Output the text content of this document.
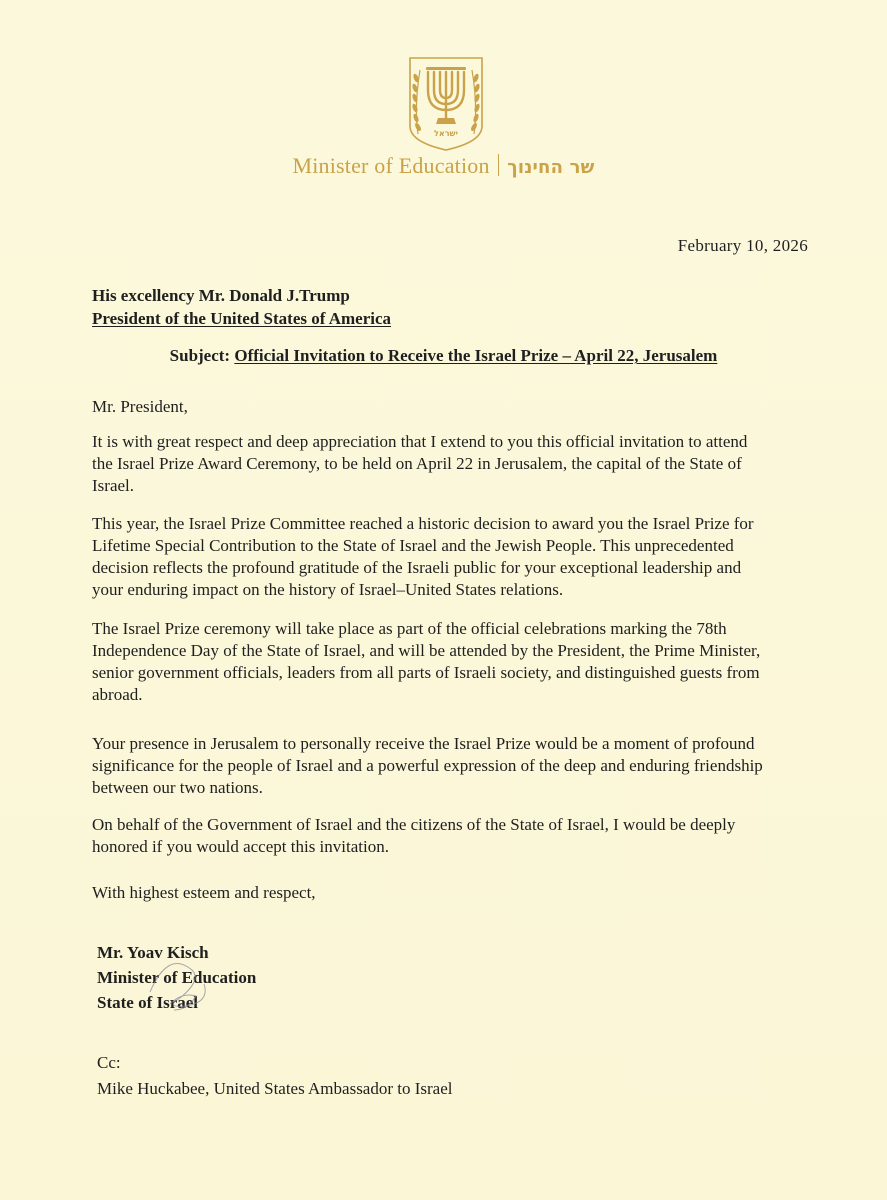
ישראל
Minister of Education שר החינוך
February 10, 2026
His excellency Mr. Donald J.Trump
President of the United States of America
Subject: Official Invitation to Receive the Israel Prize – April 22, Jerusalem
Mr. President,
It is with great respect and deep appreciation that I extend to you this official invitation to attend
the Israel Prize Award Ceremony, to be held on April 22 in Jerusalem, the capital of the State of
Israel.
This year, the Israel Prize Committee reached a historic decision to award you the Israel Prize for
Lifetime Special Contribution to the State of Israel and the Jewish People. This unprecedented
decision reflects the profound gratitude of the Israeli public for your exceptional leadership and
your enduring impact on the history of Israel–United States relations.
The Israel Prize ceremony will take place as part of the official celebrations marking the 78th
Independence Day of the State of Israel, and will be attended by the President, the Prime Minister,
senior government officials, leaders from all parts of Israeli society, and distinguished guests from
abroad.
Your presence in Jerusalem to personally receive the Israel Prize would be a moment of profound
significance for the people of Israel and a powerful expression of the deep and enduring friendship
between our two nations.
On behalf of the Government of Israel and the citizens of the State of Israel, I would be deeply
honored if you would accept this invitation.
With highest esteem and respect,
Mr. Yoav Kisch
Minister of Education
State of Israel
Cc:
Mike Huckabee, United States Ambassador to Israel
